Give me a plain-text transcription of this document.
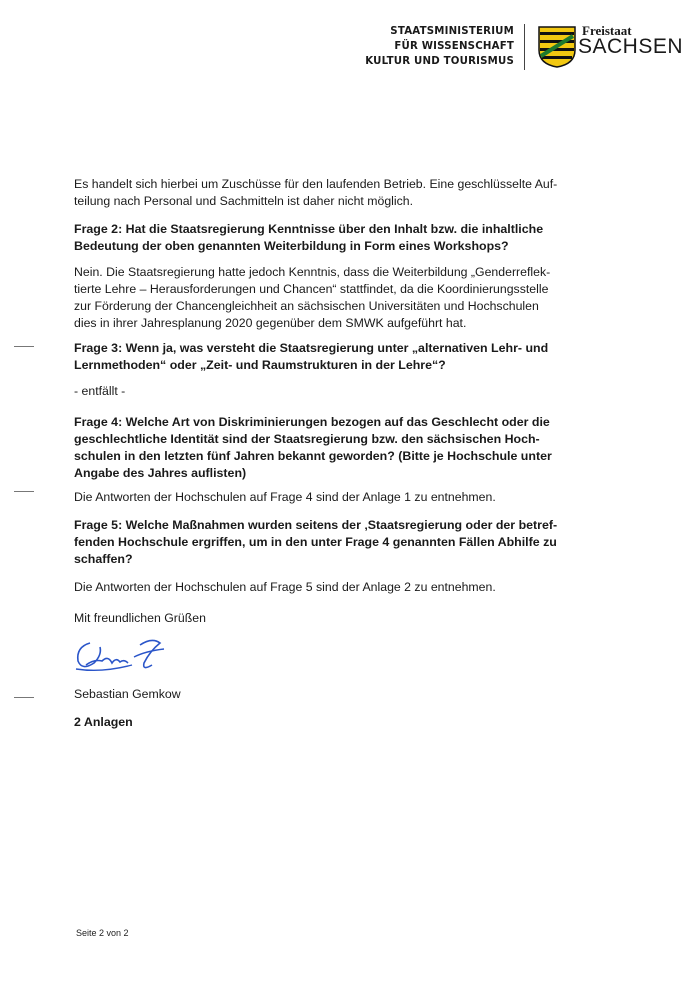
STAATSMINISTERIUM
FÜR WISSENSCHAFT
KULTUR UND TOURISMUS
Freistaat
SACHSEN
Es handelt sich hierbei um Zuschüsse für den laufenden Betrieb. Eine geschlüsselte Auf-
teilung nach Personal und Sachmitteln ist daher nicht möglich.
Frage 2: Hat die Staatsregierung Kenntnisse über den Inhalt bzw. die inhaltliche
Bedeutung der oben genannten Weiterbildung in Form eines Workshops?
Nein. Die Staatsregierung hatte jedoch Kenntnis, dass die Weiterbildung „Genderreflek-
tierte Lehre – Herausforderungen und Chancen“ stattfindet, da die Koordinierungsstelle
zur Förderung der Chancengleichheit an sächsischen Universitäten und Hochschulen
dies in ihrer Jahresplanung 2020 gegenüber dem SMWK aufgeführt hat.
Frage 3: Wenn ja, was versteht die Staatsregierung unter „alternativen Lehr- und
Lernmethoden“ oder „Zeit- und Raumstrukturen in der Lehre“?
- entfällt -
Frage 4: Welche Art von Diskriminierungen bezogen auf das Geschlecht oder die
geschlechtliche Identität sind der Staatsregierung bzw. den sächsischen Hoch-
schulen in den letzten fünf Jahren bekannt geworden? (Bitte je Hochschule unter
Angabe des Jahres auflisten)
Die Antworten der Hochschulen auf Frage 4 sind der Anlage 1 zu entnehmen.
Frage 5: Welche Maßnahmen wurden seitens der ‚Staatsregierung oder der betref-
fenden Hochschule ergriffen, um in den unter Frage 4 genannten Fällen Abhilfe zu
schaffen?
Die Antworten der Hochschulen auf Frage 5 sind der Anlage 2 zu entnehmen.
Mit freundlichen Grüßen
Sebastian Gemkow
2 Anlagen
Seite 2 von 2
